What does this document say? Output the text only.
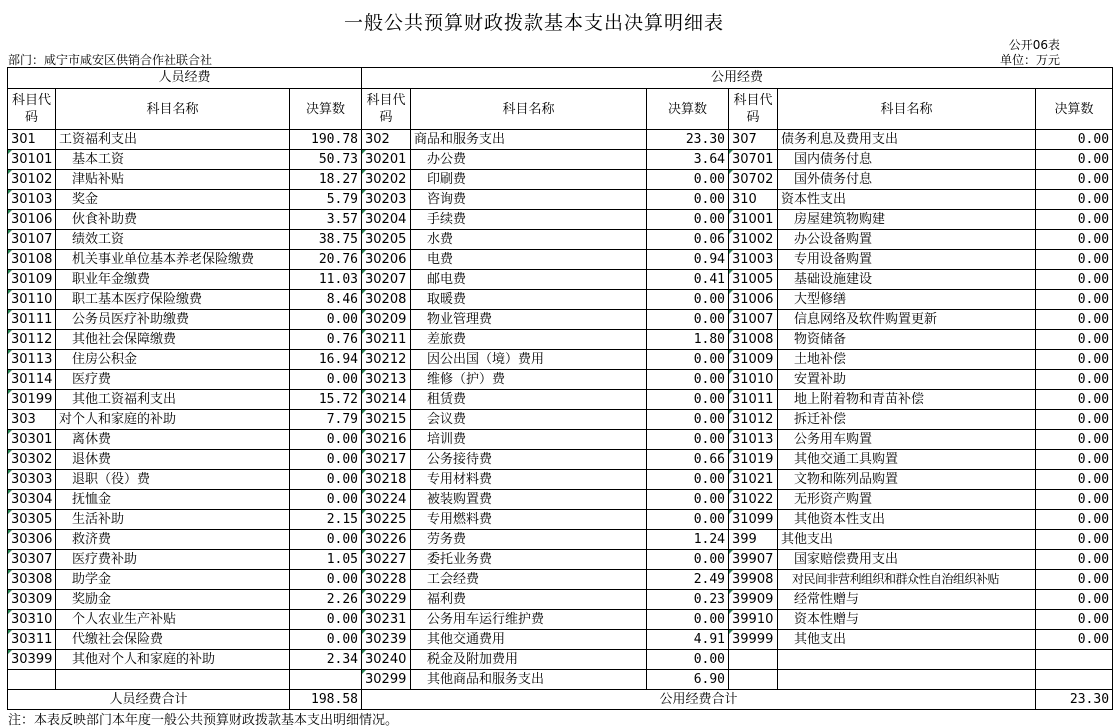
一般公共预算财政拨款基本支出决算明细表
公开06表
部门：咸宁市咸安区供销合作社联合社	单位：万元
人员经费			公用经费					
科目代码	科目名称	决算数	科目代码	科目名称	决算数	科目代码	科目名称	决算数
301	工资福利支出	190.78	302	商品和服务支出	23.30	307	债务利息及费用支出	0.00
30101	基本工资	50.73	30201	办公费	3.64	30701	国内债务付息	0.00
30102	津贴补贴	18.27	30202	印刷费	0.00	30702	国外债务付息	0.00
30103	奖金	5.79	30203	咨询费	0.00	310	资本性支出	0.00
30106	伙食补助费	3.57	30204	手续费	0.00	31001	房屋建筑物购建	0.00
30107	绩效工资	38.75	30205	水费	0.06	31002	办公设备购置	0.00
30108	机关事业单位基本养老保险缴费	20.76	30206	电费	0.94	31003	专用设备购置	0.00
30109	职业年金缴费	11.03	30207	邮电费	0.41	31005	基础设施建设	0.00
30110	职工基本医疗保险缴费	8.46	30208	取暖费	0.00	31006	大型修缮	0.00
30111	公务员医疗补助缴费	0.00	30209	物业管理费	0.00	31007	信息网络及软件购置更新	0.00
30112	其他社会保障缴费	0.76	30211	差旅费	1.80	31008	物资储备	0.00
30113	住房公积金	16.94	30212	因公出国（境）费用	0.00	31009	土地补偿	0.00
30114	医疗费	0.00	30213	维修（护）费	0.00	31010	安置补助	0.00
30199	其他工资福利支出	15.72	30214	租赁费	0.00	31011	地上附着物和青苗补偿	0.00
303	对个人和家庭的补助	7.79	30215	会议费	0.00	31012	拆迁补偿	0.00
30301	离休费	0.00	30216	培训费	0.00	31013	公务用车购置	0.00
30302	退休费	0.00	30217	公务接待费	0.66	31019	其他交通工具购置	0.00
30303	退职（役）费	0.00	30218	专用材料费	0.00	31021	文物和陈列品购置	0.00
30304	抚恤金	0.00	30224	被装购置费	0.00	31022	无形资产购置	0.00
30305	生活补助	2.15	30225	专用燃料费	0.00	31099	其他资本性支出	0.00
30306	救济费	0.00	30226	劳务费	1.24	399	其他支出	0.00
30307	医疗费补助	1.05	30227	委托业务费	0.00	39907	国家赔偿费用支出	0.00
30308	助学金	0.00	30228	工会经费	2.49	39908	对民间非营利组织和群众性自治组织补贴	0.00
30309	奖励金	2.26	30229	福利费	0.23	39909	经常性赠与	0.00
30310	个人农业生产补贴	0.00	30231	公务用车运行维护费	0.00	39910	资本性赠与	0.00
30311	代缴社会保险费	0.00	30239	其他交通费用	4.91	39999	其他支出	0.00
30399	其他对个人和家庭的补助	2.34	30240	税金及附加费用	0.00			
			30299	其他商品和服务支出	6.90			
人员经费合计		198.58	公用经费合计					23.30
注：本表反映部门本年度一般公共预算财政拨款基本支出明细情况。
